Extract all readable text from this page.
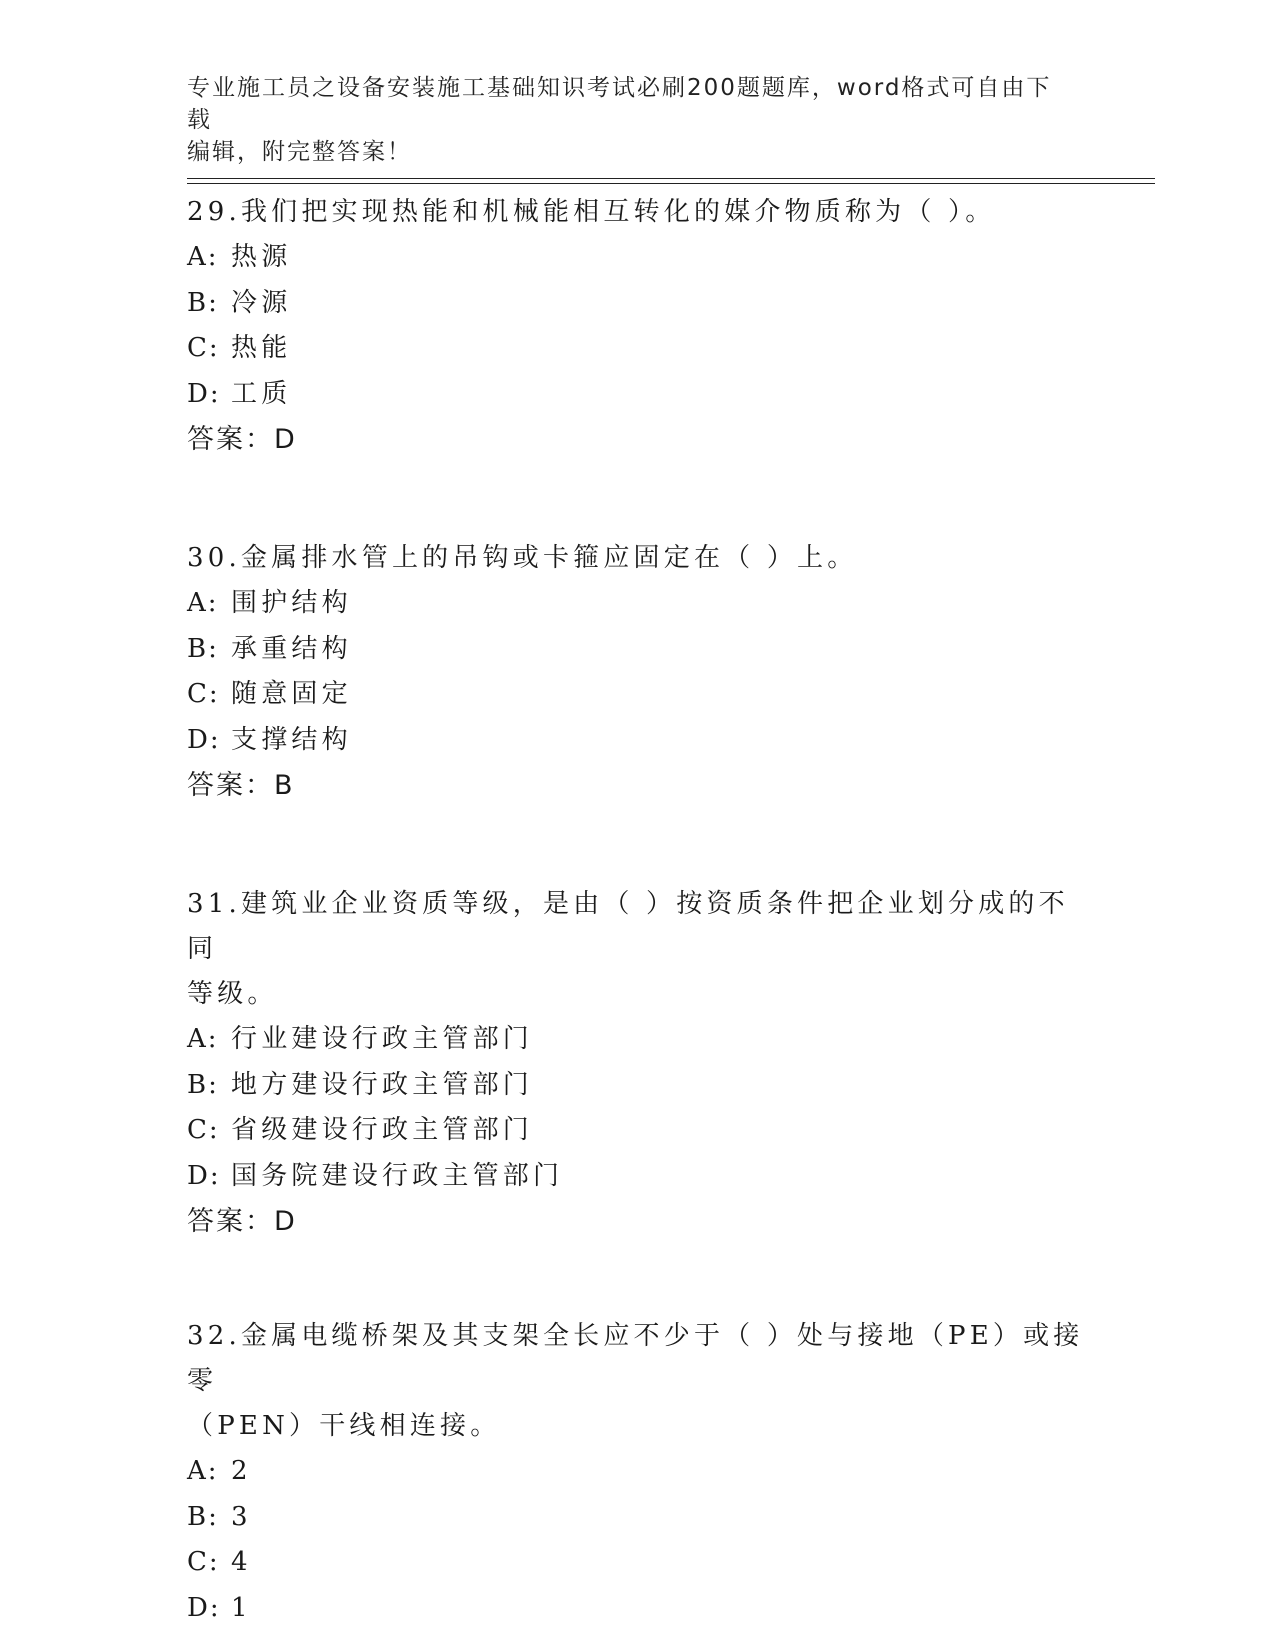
专业施工员之设备安装施工基础知识考试必刷200题题库，word格式可自由下载
编辑，附完整答案！

29.我们把实现热能和机械能相互转化的媒介物质称为（ ）。

A: 热源

B: 冷源

C: 热能

D: 工质

答案：D

30.金属排水管上的吊钩或卡箍应固定在（ ）上。

A: 围护结构

B: 承重结构

C: 随意固定

D: 支撑结构

答案：B

31.建筑业企业资质等级，是由（ ）按资质条件把企业划分成的不同

等级。

A: 行业建设行政主管部门

B: 地方建设行政主管部门

C: 省级建设行政主管部门

D: 国务院建设行政主管部门

答案：D

32.金属电缆桥架及其支架全长应不少于（ ）处与接地（PE）或接零

（PEN）干线相连接。

A: 2

B: 3

C: 4

D: 1
